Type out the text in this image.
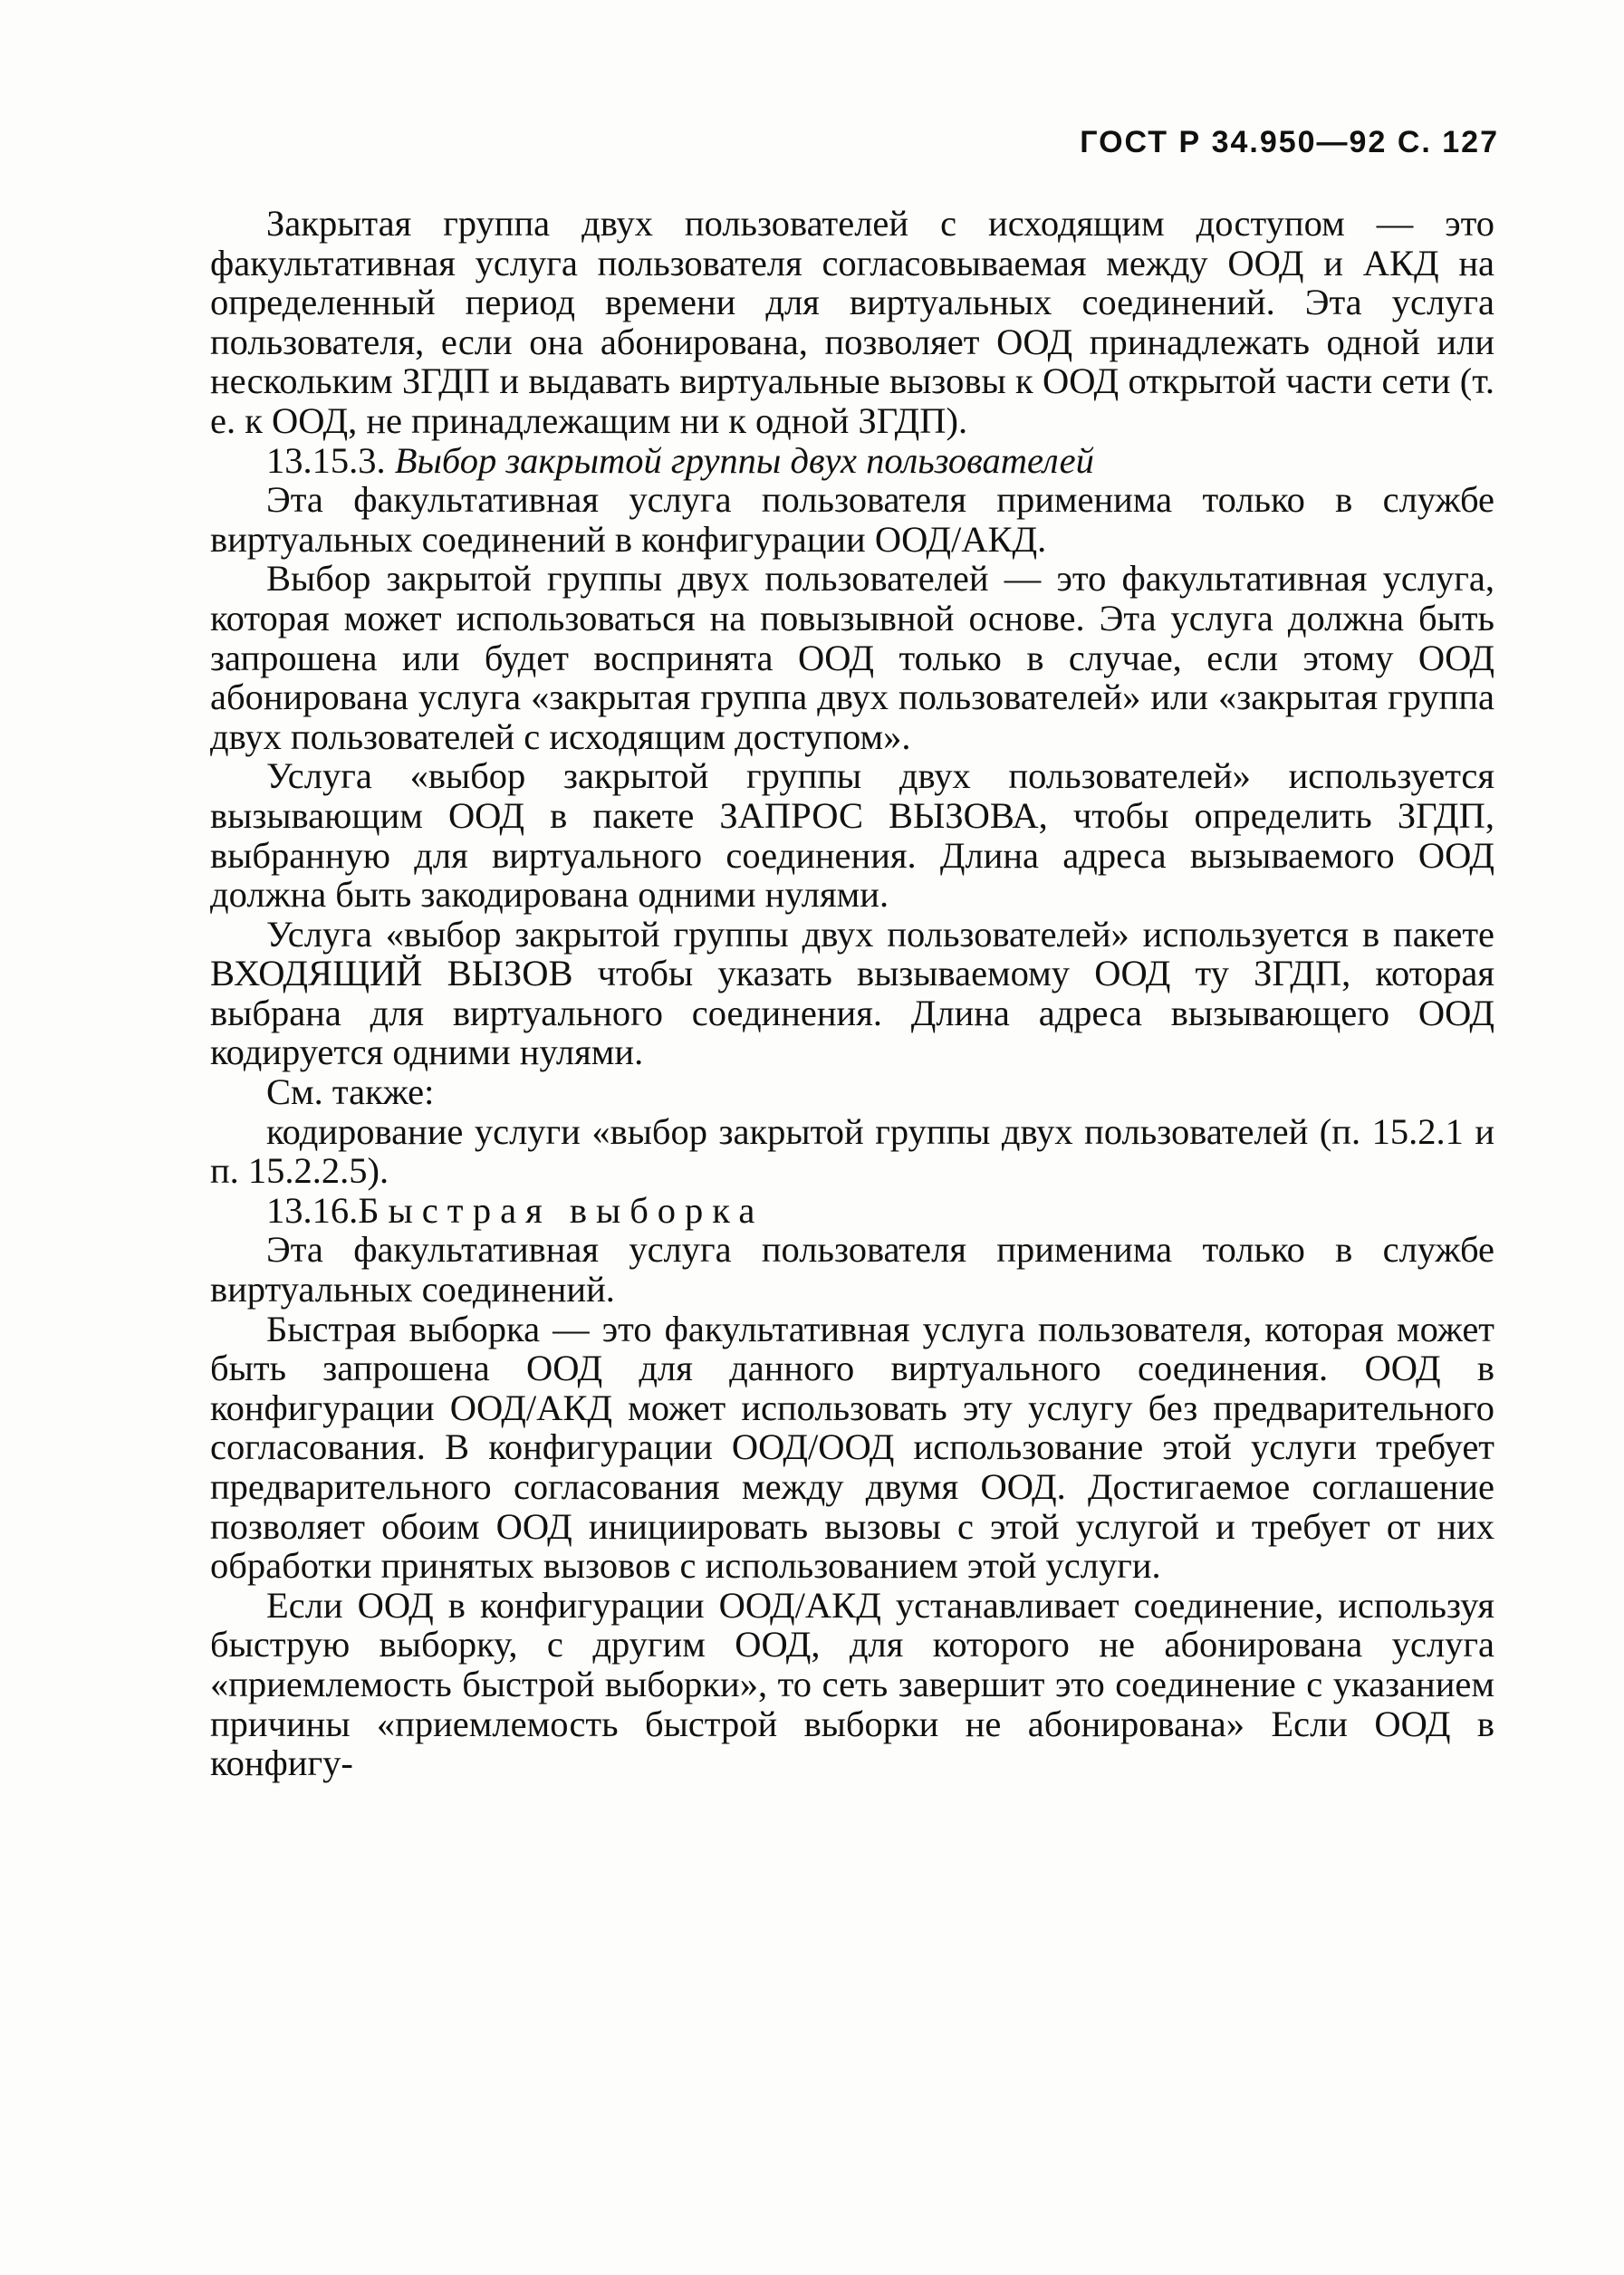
ГОСТ Р 34.950—92 С. 127

Закрытая группа двух пользователей с исходящим доступом — это факультативная услуга пользователя согласовываемая между ООД и АКД на определенный период времени для виртуальных соединений. Эта услуга пользователя, если она абонирована, позволяет ООД принадлежать одной или нескольким ЗГДП и выдавать виртуальные вызовы к ООД открытой части сети (т. е. к ООД, не принадлежащим ни к одной ЗГДП).

13.15.3. Выбор закрытой группы двух пользователей

Эта факультативная услуга пользователя применима только в службе виртуальных соединений в конфигурации ООД/АКД.

Выбор закрытой группы двух пользователей — это факультативная услуга, которая может использоваться на повызывной основе. Эта услуга должна быть запрошена или будет воспринята ООД только в случае, если этому ООД абонирована услуга «закрытая группа двух пользователей» или «закрытая группа двух пользователей с исходящим доступом».

Услуга «выбор закрытой группы двух пользователей» используется вызывающим ООД в пакете ЗАПРОС ВЫЗОВА, чтобы определить ЗГДП, выбранную для виртуального соединения. Длина адреса вызываемого ООД должна быть закодирована одними нулями.

Услуга «выбор закрытой группы двух пользователей» используется в пакете ВХОДЯЩИЙ ВЫЗОВ чтобы указать вызываемому ООД ту ЗГДП, которая выбрана для виртуального соединения. Длина адреса вызывающего ООД кодируется одними нулями.

См. также:

кодирование услуги «выбор закрытой группы двух пользователей (п. 15.2.1 и п. 15.2.2.5).

13.16.Быстрая выборка

Эта факультативная услуга пользователя применима только в службе виртуальных соединений.

Быстрая выборка — это факультативная услуга пользователя, которая может быть запрошена ООД для данного виртуального соединения. ООД в конфигурации ООД/АКД может использовать эту услугу без предварительного согласования. В конфигурации ООД/ООД использование этой услуги требует предварительного согласования между двумя ООД. Достигаемое соглашение позволяет обоим ООД инициировать вызовы с этой услугой и требует от них обработки принятых вызовов с использованием этой услуги.

Если ООД в конфигурации ООД/АКД устанавливает соединение, используя быструю выборку, с другим ООД, для которого не абонирована услуга «приемлемость быстрой выборки», то сеть завершит это соединение с указанием причины «приемлемость быстрой выборки не абонирована» Если ООД в конфигу-
